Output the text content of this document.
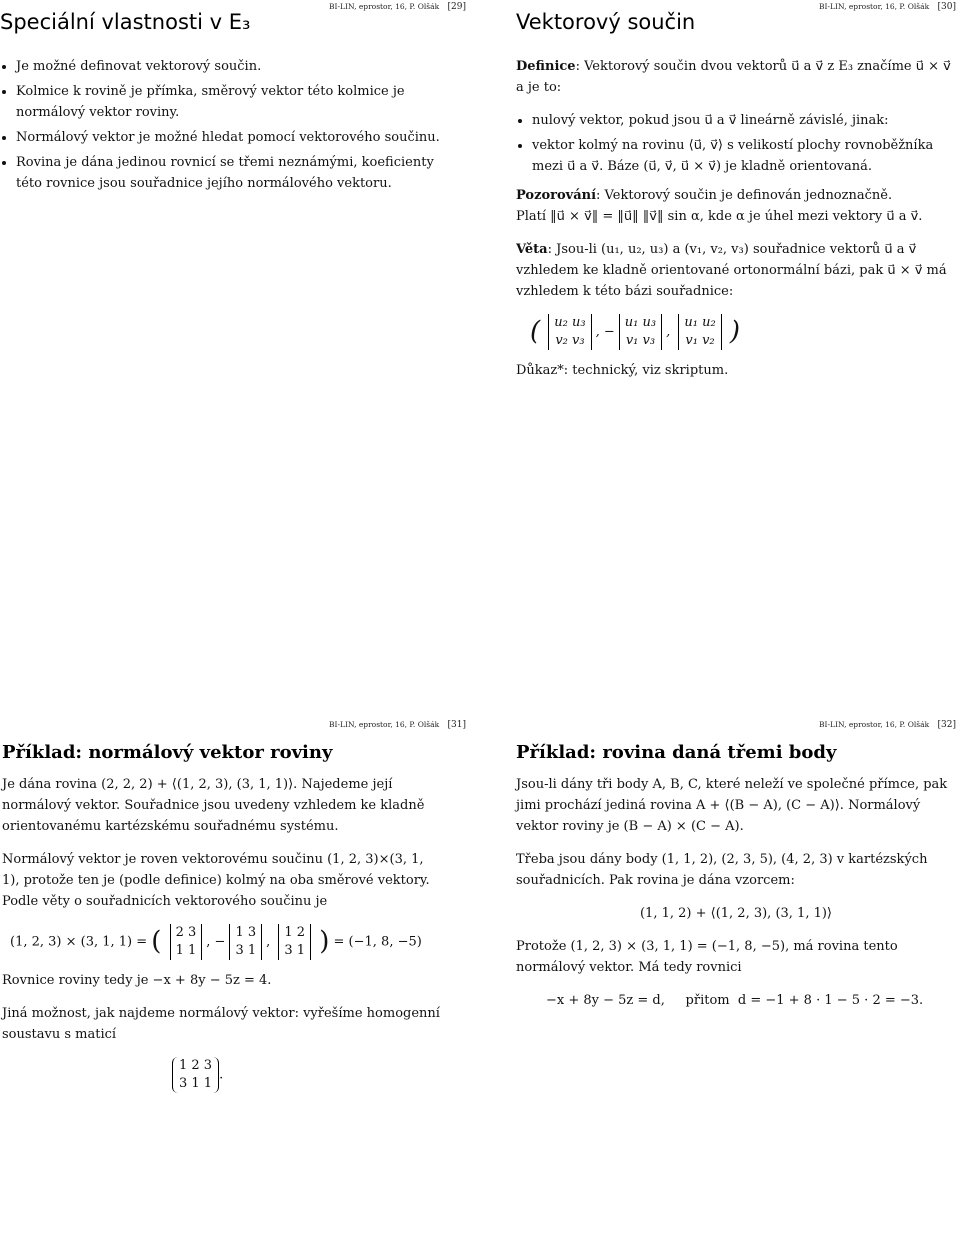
BI-LIN, eprostor, 16, P. Olšák [29]
Speciální vlastnosti v E₃
• Je možné definovat vektorový součin.
• Kolmice k rovině je přímka, směrový vektor této kolmice je normálový vektor roviny.
• Normálový vektor je možné hledat pomocí vektorového součinu.
• Rovina je dána jedinou rovnicí se třemi neznámými, koeficienty této rovnice jsou souřadnice jejího normálového vektoru.
BI-LIN, eprostor, 16, P. Olšák [30]
Vektorový součin

Definice: Vektorový součin dvou vektorů u⃗ a v⃗ z E₃ značíme u⃗ × v⃗ a je to:

• nulový vektor, pokud jsou u⃗ a v⃗ lineárně závislé, jinak:
• vektor kolmý na rovinu ⟨u⃗, v⃗⟩ s velikostí plochy rovnoběžníka mezi u⃗ a v⃗. Báze (u⃗, v⃗, u⃗ × v⃗) je kladně orientovaná.

Pozorování: Vektorový součin je definován jednoznačně.
Platí ‖u⃗ × v⃗‖ = ‖u⃗‖ ‖v⃗‖ sin α, kde α je úhel mezi vektory u⃗ a v⃗.

Věta: Jsou-li (u₁, u₂, u₃) a (v₁, v₂, v₃) souřadnice vektorů u⃗ a v⃗ vzhledem ke kladně orientované ortonormální bázi, pak u⃗ × v⃗ má vzhledem k této bázi souřadnice:

( u₂ u₃
v₂ v₃, −u₁ u₃
v₁ v₃, u₁ u₂
v₁ v₂ )

Důkaz*: technický, viz skriptum.

BI-LIN, eprostor, 16, P. Olšák [31]
Příklad: normálový vektor roviny

Je dána rovina (2, 2, 2) + ⟨(1, 2, 3), (3, 1, 1)⟩. Najedeme její normálový vektor. Souřadnice jsou uvedeny vzhledem ke kladně orientovanému kartézskému souřadnému systému.

Normálový vektor je roven vektorovému součinu (1, 2, 3)×(3, 1, 1), protože ten je (podle definice) kolmý na oba směrové vektory. Podle věty o souřadnicích vektorového součinu je

(1, 2, 3) × (3, 1, 1) = ( 2 3
1 1, −1 3
3 1, 1 2
3 1 ) = (−1, 8, −5)

Rovnice roviny tedy je −x + 8y − 5z = 4.

Jiná možnost, jak najdeme normálový vektor: vyřešíme homogenní soustavu s maticí

1 2 3
3 1 1.
BI-LIN, eprostor, 16, P. Olšák [32]
Příklad: rovina daná třemi body

Jsou-li dány tři body A, B, C, které neleží ve společné přímce, pak jimi prochází jediná rovina A + ⟨(B − A), (C − A)⟩. Normálový vektor roviny je (B − A) × (C − A).

Třeba jsou dány body (1, 1, 2), (2, 3, 5), (4, 2, 3) v kartézských souřadnicích. Pak rovina je dána vzorcem:

(1, 1, 2) + ⟨(1, 2, 3), (3, 1, 1)⟩

Protože (1, 2, 3) × (3, 1, 1) = (−1, 8, −5), má rovina tento normálový vektor. Má tedy rovnici

−x + 8y − 5z = d,     přitom  d = −1 + 8 · 1 − 5 · 2 = −3.
